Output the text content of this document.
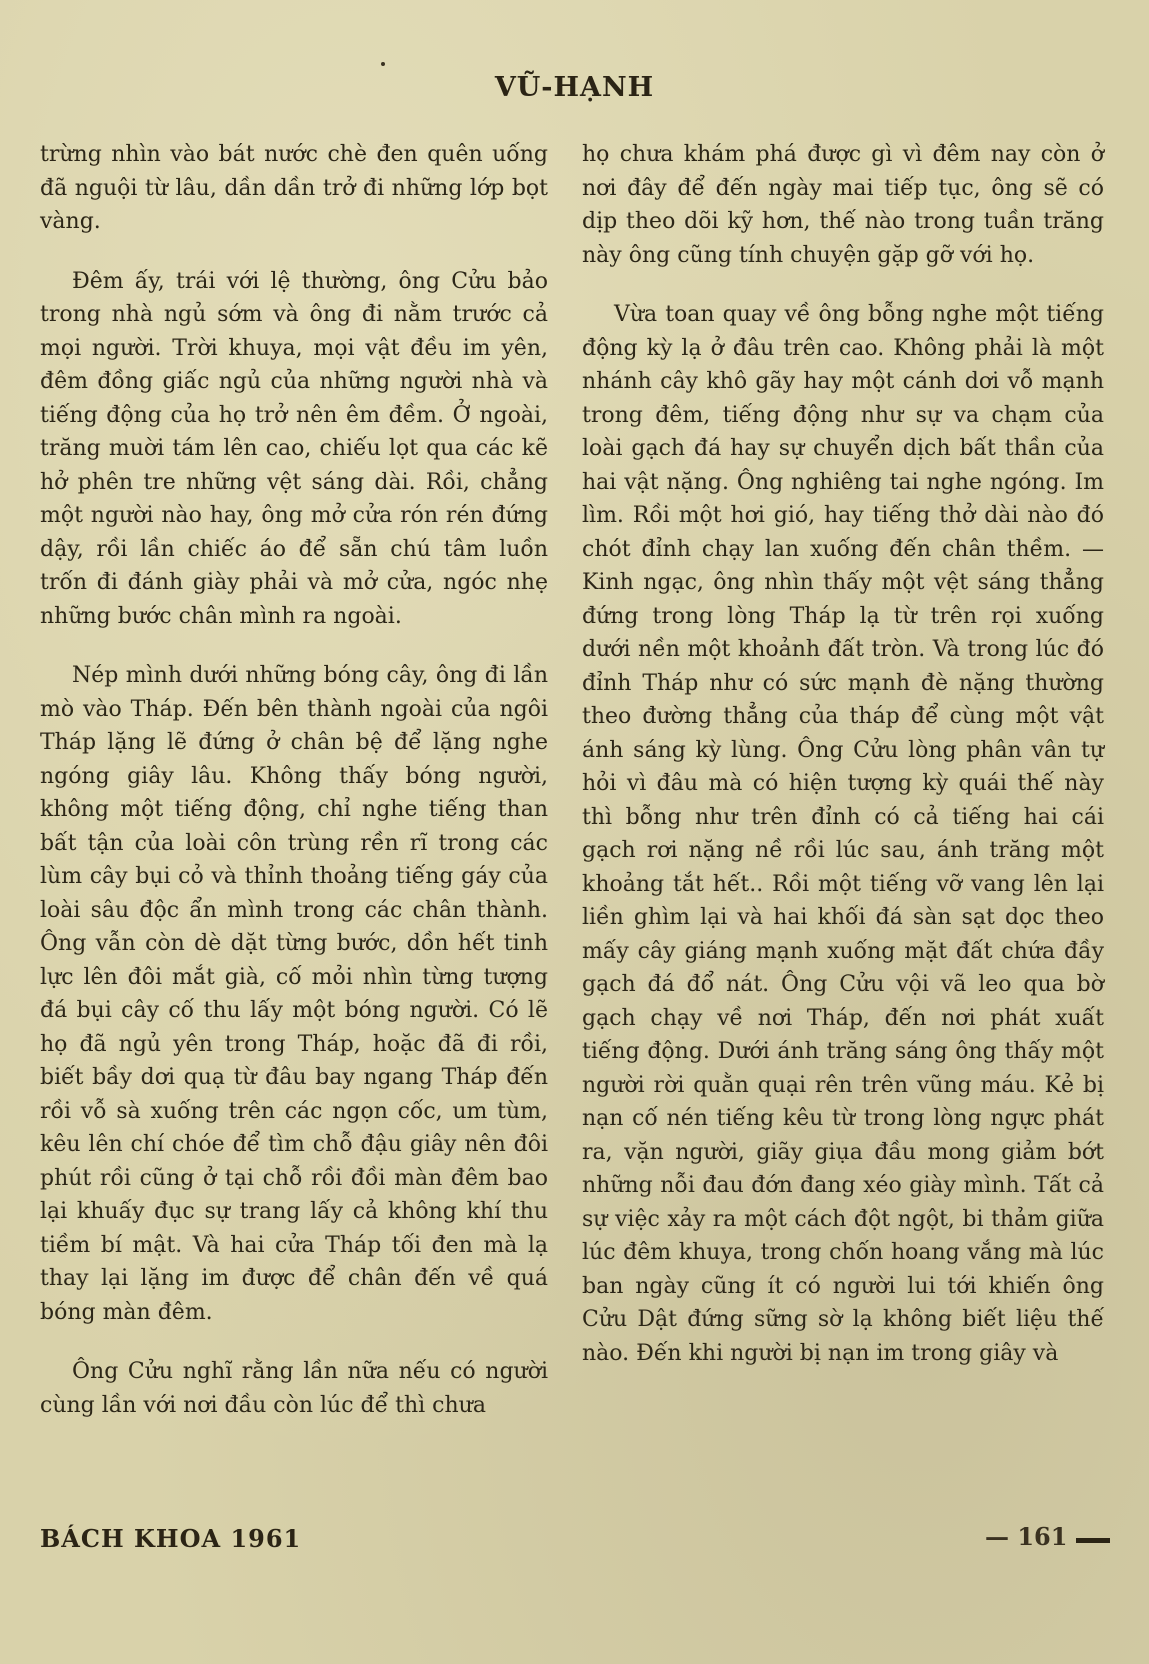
VŨ-HẠNH

trừng nhìn vào bát nước chè đen quên uống đã nguội từ lâu, dần dần trở đi những lớp bọt vàng.

Đêm ấy, trái với lệ thường, ông Cửu bảo trong nhà ngủ sớm và ông đi nằm trước cả mọi người. Trời khuya, mọi vật đều im yên, đêm đồng giấc ngủ của những người nhà và tiếng động của họ trở nên êm đềm. Ở ngoài, trăng muời tám lên cao, chiếu lọt qua các kẽ hở phên tre những vệt sáng dài. Rồi, chẳng một người nào hay, ông mở cửa rón rén đứng dậy, rồi lần chiếc áo để sẵn chú tâm luồn trốn đi đánh giày phải và mở cửa, ngóc nhẹ những bước chân mình ra ngoài.

Nép mình dưới những bóng cây, ông đi lần mò vào Tháp. Đến bên thành ngoài của ngôi Tháp lặng lẽ đứng ở chân bệ để lặng nghe ngóng giây lâu. Không thấy bóng người, không một tiếng động, chỉ nghe tiếng than bất tận của loài côn trùng rền rĩ trong các lùm cây bụi cỏ và thỉnh thoảng tiếng gáy của loài sâu độc ẩn mình trong các chân thành. Ông vẫn còn dè dặt từng bước, dồn hết tinh lực lên đôi mắt già, cố mỏi nhìn từng tượng đá bụi cây cố thu lấy một bóng người. Có lẽ họ đã ngủ yên trong Tháp, hoặc đã đi rồi, biết bầy dơi quạ từ đâu bay ngang Tháp đến rồi vỗ sà xuống trên các ngọn cốc, um tùm, kêu lên chí chóe để tìm chỗ đậu giây nên đôi phút rồi cũng ở tại chỗ rồi đồi màn đêm bao lại khuấy đục sự trang lấy cả không khí thu tiềm bí mật. Và hai cửa Tháp tối đen mà lạ thay lại lặng im được để chân đến về quá bóng màn đêm.

Ông Cửu nghĩ rằng lần nữa nếu có người cùng lần với nơi đầu còn lúc để thì chưa

họ chưa khám phá được gì vì đêm nay còn ở nơi đây để đến ngày mai tiếp tục, ông sẽ có dịp theo dõi kỹ hơn, thế nào trong tuần trăng này ông cũng tính chuyện gặp gỡ với họ.

Vừa toan quay về ông bỗng nghe một tiếng động kỳ lạ ở đâu trên cao. Không phải là một nhánh cây khô gãy hay một cánh dơi vỗ mạnh trong đêm, tiếng động như sự va chạm của loài gạch đá hay sự chuyển dịch bất thần của hai vật nặng. Ông nghiêng tai nghe ngóng. Im lìm. Rồi một hơi gió, hay tiếng thở dài nào đó chót đỉnh chạy lan xuống đến chân thềm. — Kinh ngạc, ông nhìn thấy một vệt sáng thẳng đứng trong lòng Tháp lạ từ trên rọi xuống dưới nền một khoảnh đất tròn. Và trong lúc đó đỉnh Tháp như có sức mạnh đè nặng thường theo đường thẳng của tháp để cùng một vật ánh sáng kỳ lùng. Ông Cửu lòng phân vân tự hỏi vì đâu mà có hiện tượng kỳ quái thế này thì bỗng như trên đỉnh có cả tiếng hai cái gạch rơi nặng nề rồi lúc sau, ánh trăng một khoảng tắt hết.. Rồi một tiếng vỡ vang lên lại liền ghìm lại và hai khối đá sàn sạt dọc theo mấy cây giáng mạnh xuống mặt đất chứa đầy gạch đá đổ nát. Ông Cửu vội vã leo qua bờ gạch chạy về nơi Tháp, đến nơi phát xuất tiếng động. Dưới ánh trăng sáng ông thấy một người rời quằn quại rên trên vũng máu. Kẻ bị nạn cố nén tiếng kêu từ trong lòng ngực phát ra, vặn người, giãy giụa đầu mong giảm bớt những nỗi đau đớn đang xéo giày mình. Tất cả sự việc xảy ra một cách đột ngột, bi thảm giữa lúc đêm khuya, trong chốn hoang vắng mà lúc ban ngày cũng ít có người lui tới khiến ông Cửu Dật đứng sững sờ lạ không biết liệu thế nào. Đến khi người bị nạn im trong giây và

BÁCH KHOA 1961	— 161
